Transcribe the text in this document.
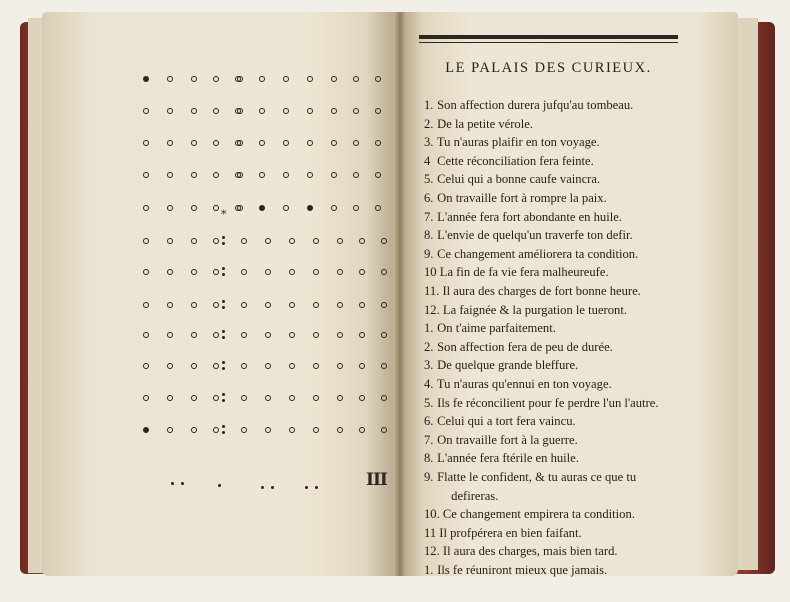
*
III
LE PALAIS DES CURIEUX.
1. Son affection durera jufqu'au tombeau.
2. De la petite vérole.
3. Tu n'auras plaifir en ton voyage.
4 Cette réconciliation fera feinte.
5. Celui qui a bonne caufe vaincra.
6. On travaille fort à rompre la paix.
7. L'année fera fort abondante en huile.
8. L'envie de quelqu'un traverfe ton defir.
9. Ce changement améliorera ta condition.
10 La fin de fa vie fera malheureufe.
11. Il aura des charges de fort bonne heure.
12. La faignée & la purgation le tueront.
1. On t'aime parfaitement.
2. Son affection fera de peu de durée.
3. De quelque grande bleffure.
4. Tu n'auras qu'ennui en ton voyage.
5. Ils fe réconcilient pour fe perdre l'un l'autre.
6. Celui qui a tort fera vaincu.
7. On travaille fort à la guerre.
8. L'année fera ftérile en huile.
9. Flatte le confident, & tu auras ce que tu
defireras.
10. Ce changement empirera ta condition.
11 Il profpérera en bien faifant.
12. Il aura des charges, mais bien tard.
1. Ils fe réuniront mieux que jamais.
